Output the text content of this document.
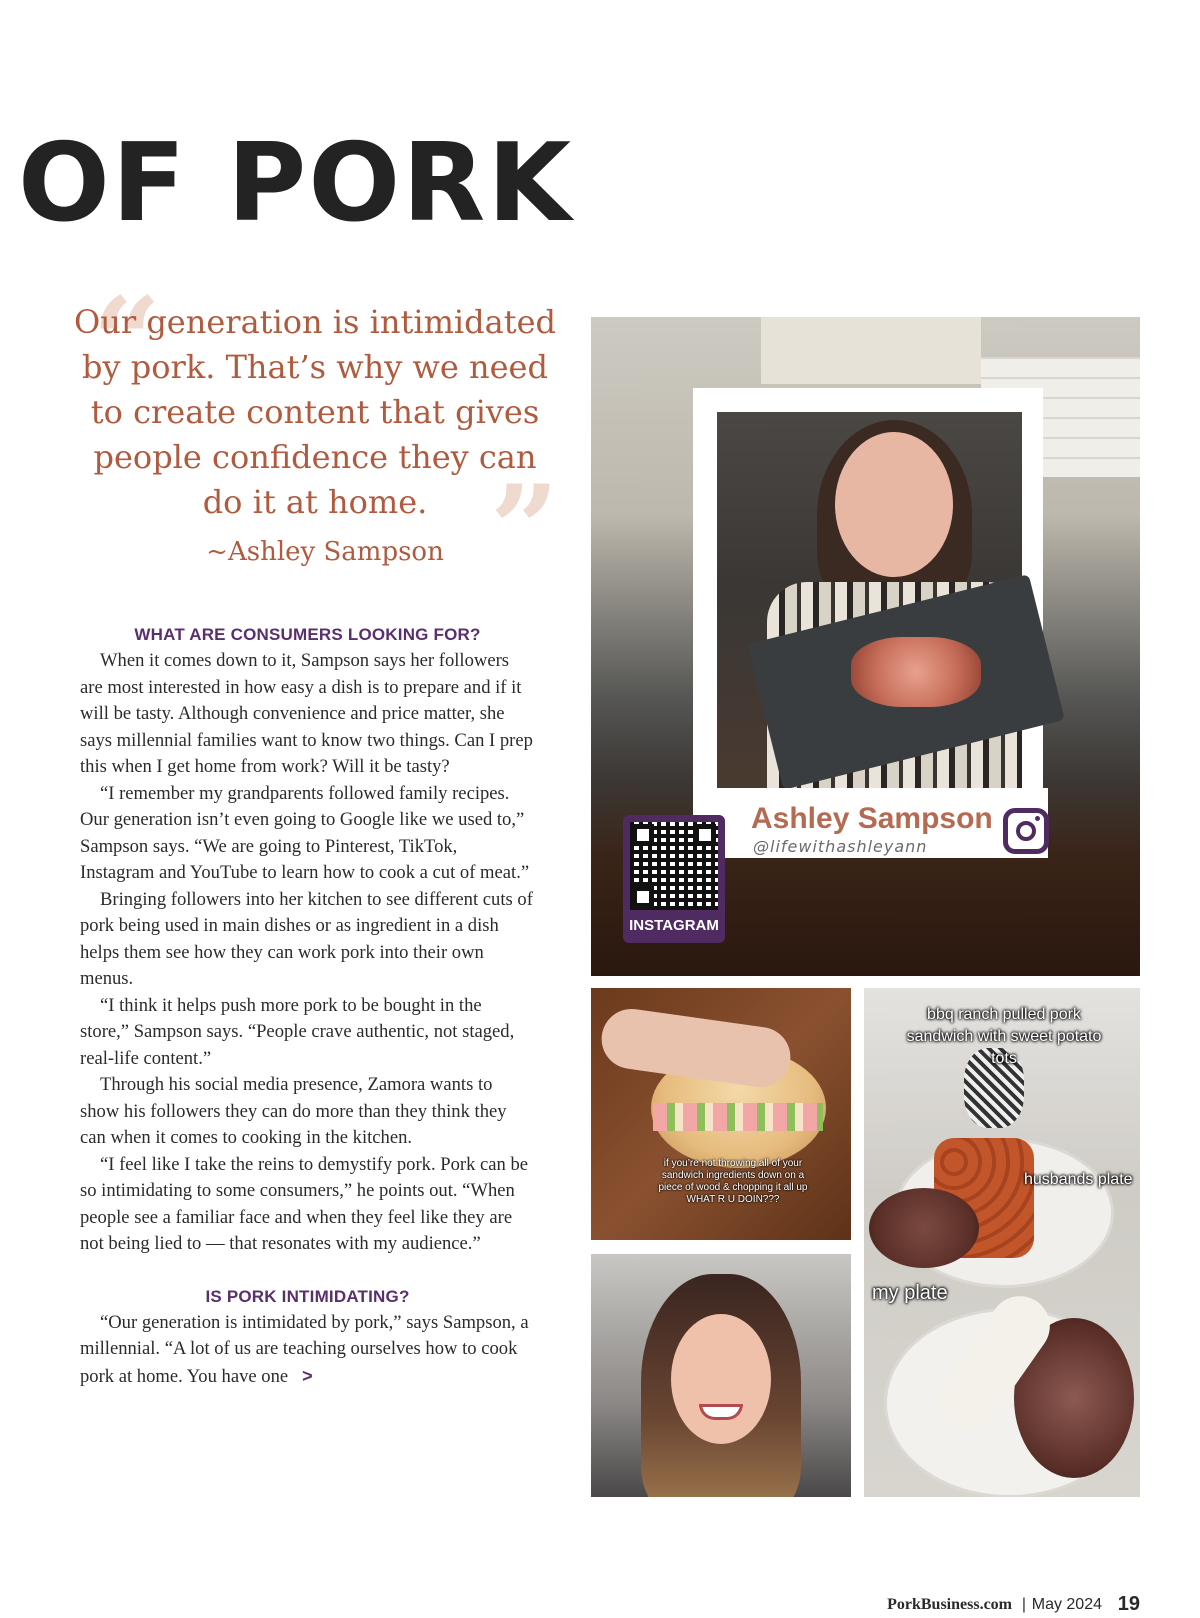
OF PORK
“
”
Our generation is intimidated by pork. That’s why we need to create content that gives people confidence they can do it at home.
~Ashley Sampson
WHAT ARE CONSUMERS LOOKING FOR?

When it comes down to it, Sampson says her followers are most interested in how easy a dish is to prepare and if it will be tasty. Although convenience and price matter, she says millennial families want to know two things. Can I prep this when I get home from work? Will it be tasty?

“I remember my grandparents followed family recipes. Our generation isn’t even going to Google like we used to,” Sampson says. “We are going to Pinterest, TikTok, Instagram and YouTube to learn how to cook a cut of meat.”

Bringing followers into her kitchen to see different cuts of pork being used in main dishes or as ingredient in a dish helps them see how they can work pork into their own menus.

“I think it helps push more pork to be bought in the store,” Sampson says. “People crave authentic, not staged, real-life content.”

Through his social media presence, Zamora wants to show his followers they can do more than they think they can when it comes to cooking in the kitchen.

“I feel like I take the reins to demystify pork. Pork can be so intimidating to some consumers,” he points out. “When people see a familiar face and when they feel like they are not being lied to — that resonates with my audience.”

IS PORK INTIMIDATING?

“Our generation is intimidated by pork,” says Sampson, a millennial. “A lot of us are teaching ourselves how to cook pork at home. You have one >

Ashley Sampson
@lifewithashleyann
INSTAGRAM
if you’re not throwing all of your sandwich ingredients down on a piece of wood & chopping it all up WHAT R U DOIN???
bbq ranch pulled pork sandwich with sweet potato tots
husbands plate
my plate
PorkBusiness.com | May 2024 19
